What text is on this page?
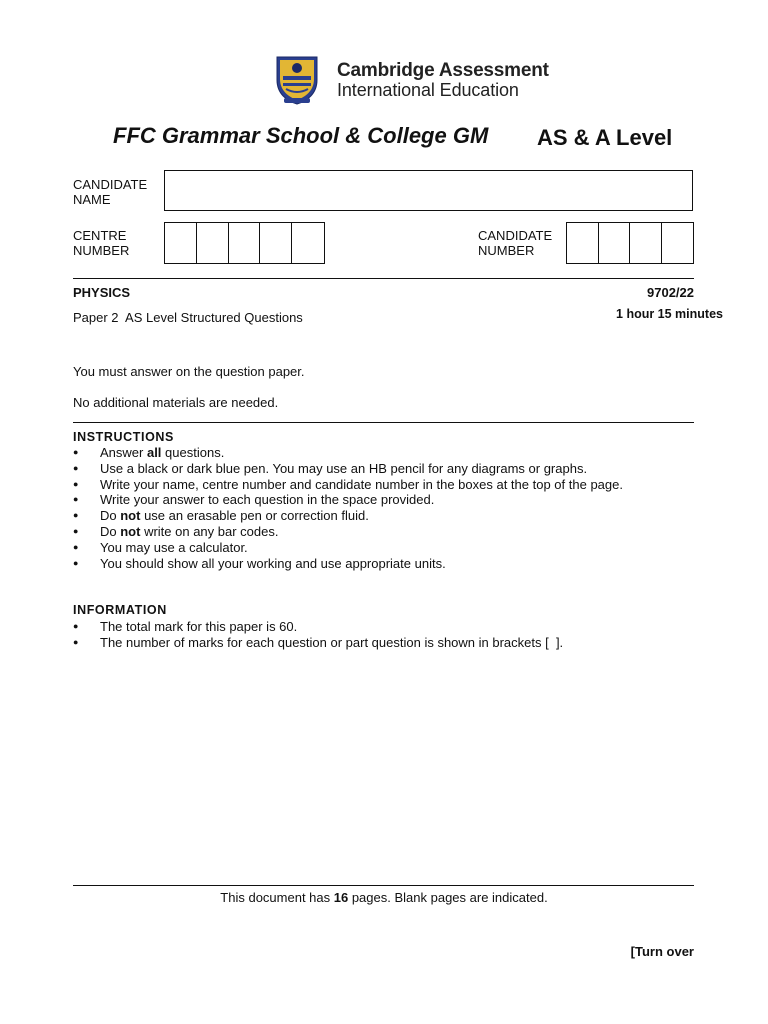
Cambridge Assessment
International Education
FFC Grammar School & College GM AS & A Level
CANDIDATE
NAME
CENTRE
NUMBER
CANDIDATE
NUMBER
PHYSICS	9702/22
Paper 2  AS Level Structured Questions	1 hour 15 minutes
You must answer on the question paper.
No additional materials are needed.
INSTRUCTIONS
● Answer all questions.
● Use a black or dark blue pen. You may use an HB pencil for any diagrams or graphs.
● Write your name, centre number and candidate number in the boxes at the top of the page.
● Write your answer to each question in the space provided.
● Do not use an erasable pen or correction fluid.
● Do not write on any bar codes.
● You may use a calculator.
● You should show all your working and use appropriate units.
INFORMATION
● The total mark for this paper is 60.
● The number of marks for each question or part question is shown in brackets [  ].
This document has 16 pages. Blank pages are indicated.
[Turn over
